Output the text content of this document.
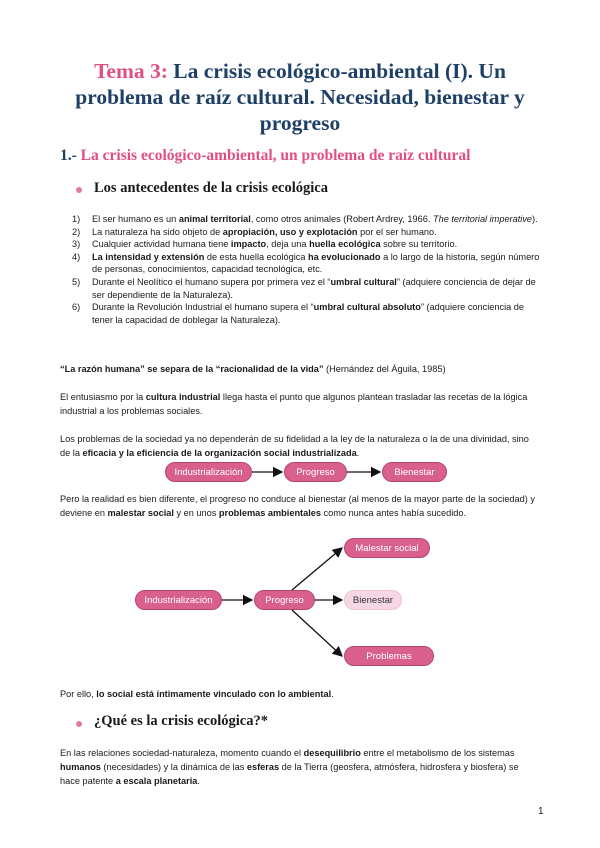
Tema 3: La crisis ecológico-ambiental (I). Un
problema de raíz cultural. Necesidad, bienestar y
progreso
1.- La crisis ecológico-ambiental, un problema de raíz cultural
Los antecedentes de la crisis ecológica
1) El ser humano es un animal territorial, como otros animales (Robert Ardrey, 1966. The territorial imperative).
2) La naturaleza ha sido objeto de apropiación, uso y explotación por el ser humano.
3) Cualquier actividad humana tiene impacto, deja una huella ecológica sobre su territorio.
4) La intensidad y extensión de esta huella ecológica ha evolucionado a lo largo de la historia, según número de personas, conocimientos, capacidad tecnológica, etc.
5) Durante el Neolítico el humano supera por primera vez el “umbral cultural” (adquiere conciencia de dejar de ser dependiente de la Naturaleza).
6) Durante la Revolución Industrial el humano supera el “umbral cultural absoluto” (adquiere conciencia de tener la capacidad de doblegar la Naturaleza).
“La razón humana” se separa de la “racionalidad de la vida” (Hernández del Águila, 1985)
El entusiasmo por la cultura industrial llega hasta el punto que algunos plantean trasladar las recetas de la lógica industrial a los problemas sociales.
Los problemas de la sociedad ya no dependerán de su fidelidad a la ley de la naturaleza o la de una divinidad, sino de la eficacia y la eficiencia de la organización social industrializada.
Industrialización	Progreso	Bienestar
Pero la realidad es bien diferente, el progreso no conduce al bienestar (al menos de la mayor parte de la sociedad) y deviene en malestar social y en unos problemas ambientales como nunca antes había sucedido.
Industrialización	Progreso
Malestar social
Bienestar
Problemas ambientales
Por ello, lo social está íntimamente vinculado con lo ambiental.
¿Qué es la crisis ecológica?*
En las relaciones sociedad-naturaleza, momento cuando el desequilibrio entre el metabolismo de los sistemas humanos (necesidades) y la dinámica de las esferas de la Tierra (geosfera, atmósfera, hidrosfera y biosfera) se hace patente a escala planetaria.
1
